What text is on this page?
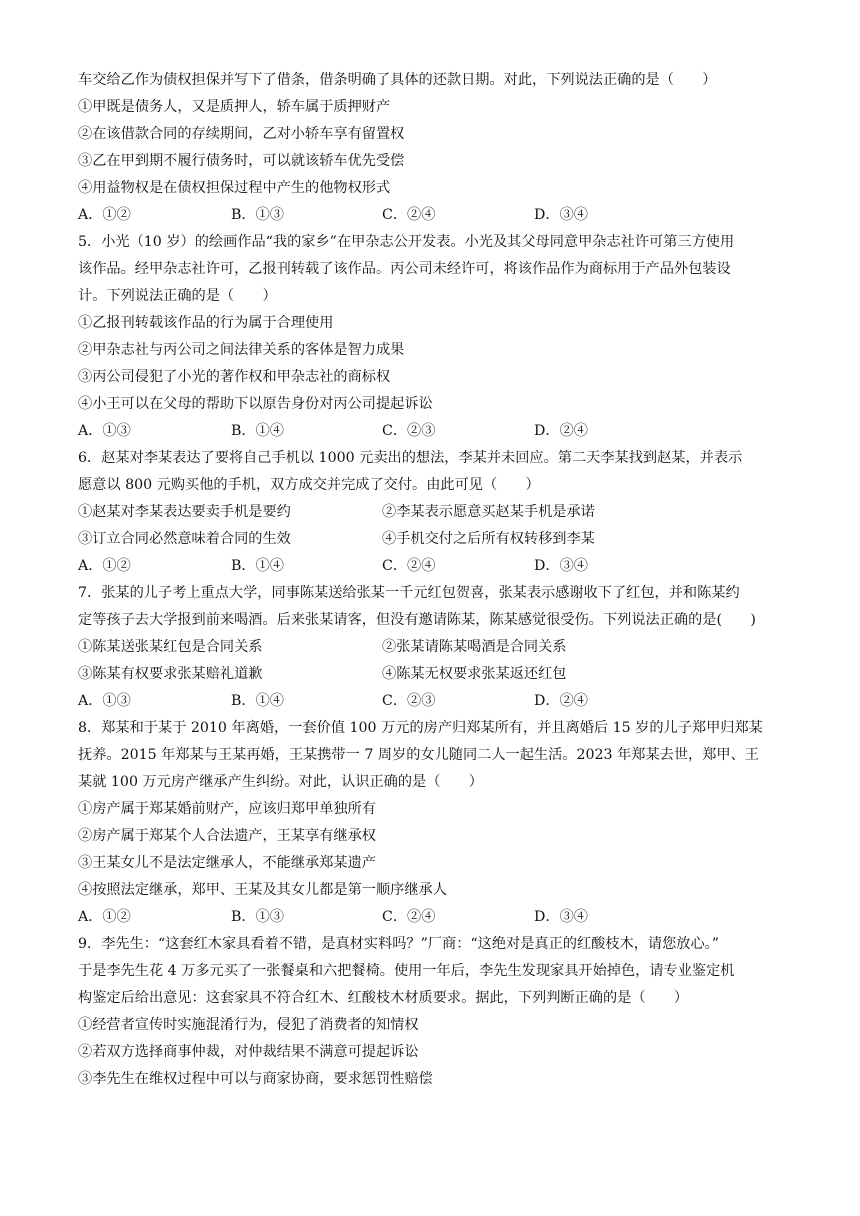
车交给乙作为债权担保并写下了借条，借条明确了具体的还款日期。对此，下列说法正确的是（　　）
①甲既是债务人，又是质押人，轿车属于质押财产
②在该借款合同的存续期间，乙对小轿车享有留置权
③乙在甲到期不履行债务时，可以就该轿车优先受偿
④用益物权是在债权担保过程中产生的他物权形式
A．①②	B．①③	C．②④	D．③④
5．小光（10 岁）的绘画作品“我的家乡”在甲杂志公开发表。小光及其父母同意甲杂志社许可第三方使用
该作品。经甲杂志社许可，乙报刊转载了该作品。丙公司未经许可，将该作品作为商标用于产品外包装设
计。下列说法正确的是（　　）
①乙报刊转载该作品的行为属于合理使用
②甲杂志社与丙公司之间法律关系的客体是智力成果
③丙公司侵犯了小光的著作权和甲杂志社的商标权
④小王可以在父母的帮助下以原告身份对丙公司提起诉讼
A．①③	B．①④	C．②③	D．②④
6．赵某对李某表达了要将自己手机以 1000 元卖出的想法，李某并未回应。第二天李某找到赵某，并表示
愿意以 800 元购买他的手机，双方成交并完成了交付。由此可见（　　）
①赵某对李某表达要卖手机是要约	②李某表示愿意买赵某手机是承诺
③订立合同必然意味着合同的生效	④手机交付之后所有权转移到李某
A．①②	B．①④	C．②④	D．③④
7．张某的儿子考上重点大学，同事陈某送给张某一千元红包贺喜，张某表示感谢收下了红包，并和陈某约
定等孩子去大学报到前来喝酒。后来张某请客，但没有邀请陈某，陈某感觉很受伤。下列说法正确的是(　　)
①陈某送张某红包是合同关系	②张某请陈某喝酒是合同关系
③陈某有权要求张某赔礼道歉	④陈某无权要求张某返还红包
A．①③	B．①④	C．②③	D．②④
8．郑某和于某于 2010 年离婚，一套价值 100 万元的房产归郑某所有，并且离婚后 15 岁的儿子郑甲归郑某
抚养。2015 年郑某与王某再婚，王某携带一 7 周岁的女儿随同二人一起生活。2023 年郑某去世，郑甲、王
某就 100 万元房产继承产生纠纷。对此，认识正确的是（　　）
①房产属于郑某婚前财产，应该归郑甲单独所有
②房产属于郑某个人合法遗产，王某享有继承权
③王某女儿不是法定继承人，不能继承郑某遗产
④按照法定继承，郑甲、王某及其女儿都是第一顺序继承人
A．①②	B．①③	C．②④	D．③④
9．李先生：“这套红木家具看着不错，是真材实料吗？”厂商：“这绝对是真正的红酸枝木，请您放心。”
于是李先生花 4 万多元买了一张餐桌和六把餐椅。使用一年后，李先生发现家具开始掉色，请专业鉴定机
构鉴定后给出意见：这套家具不符合红木、红酸枝木材质要求。据此，下列判断正确的是（　　）
①经营者宣传时实施混淆行为，侵犯了消费者的知情权
②若双方选择商事仲裁，对仲裁结果不满意可提起诉讼
③李先生在维权过程中可以与商家协商，要求惩罚性赔偿
